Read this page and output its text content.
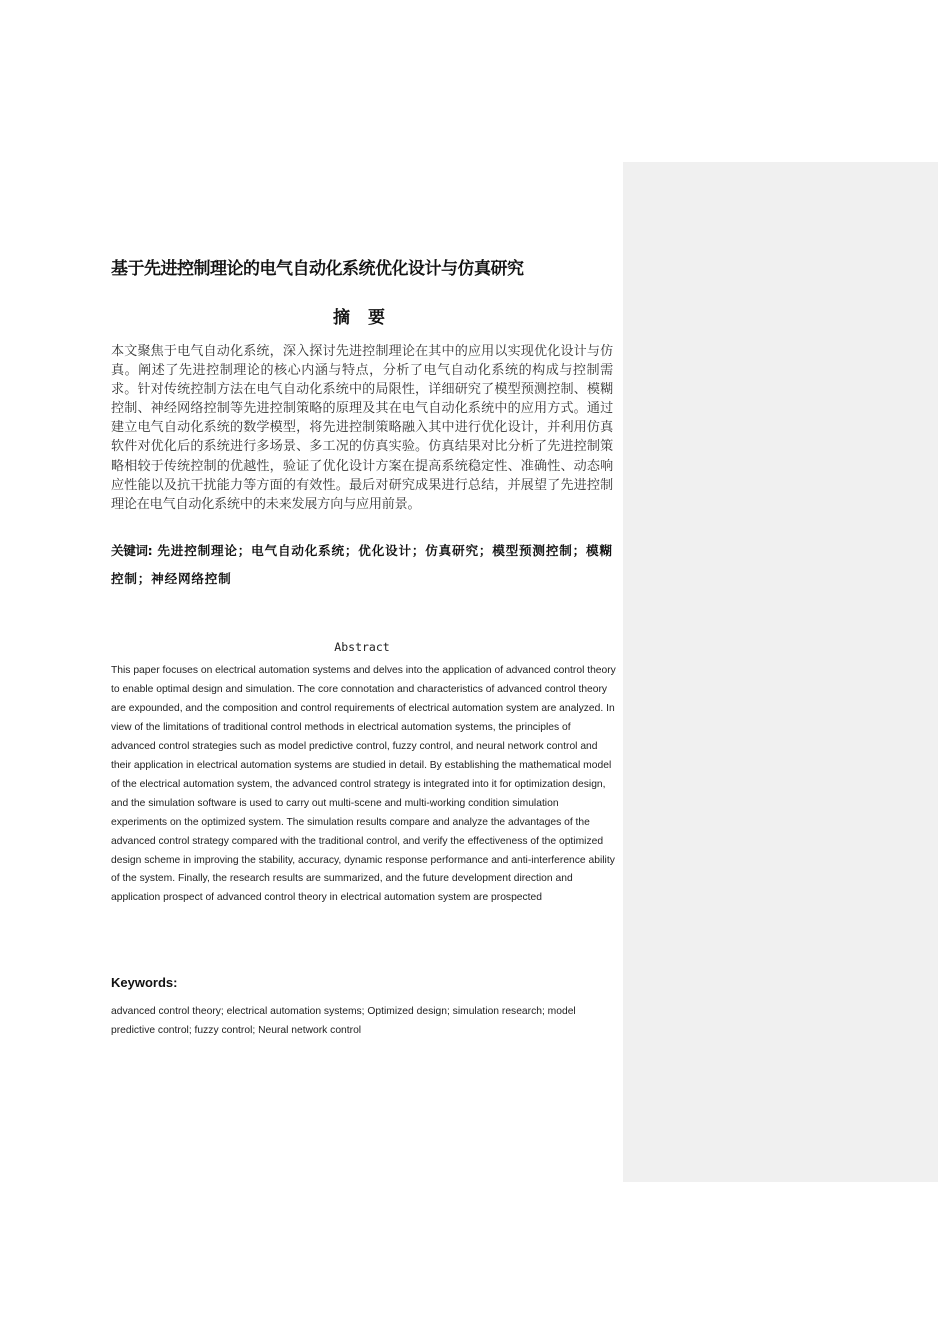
基于先进控制理论的电气自动化系统优化设计与仿真研究
摘 要
本文聚焦于电气自动化系统，深入探讨先进控制理论在其中的应用以实现优化设计与仿真。阐述了先进控制理论的核心内涵与特点，分析了电气自动化系统的构成与控制需求。针对传统控制方法在电气自动化系统中的局限性，详细研究了模型预测控制、模糊控制、神经网络控制等先进控制策略的原理及其在电气自动化系统中的应用方式。通过建立电气自动化系统的数学模型，将先进控制策略融入其中进行优化设计，并利用仿真软件对优化后的系统进行多场景、多工况的仿真实验。仿真结果对比分析了先进控制策略相较于传统控制的优越性，验证了优化设计方案在提高系统稳定性、准确性、动态响应性能以及抗干扰能力等方面的有效性。最后对研究成果进行总结，并展望了先进控制理论在电气自动化系统中的未来发展方向与应用前景。
关键词: 先进控制理论；电气自动化系统；优化设计；仿真研究；模型预测控制；模糊控制；神经网络控制
Abstract
This paper focuses on electrical automation systems and delves into the application of advanced control theory to enable optimal design and simulation. The core connotation and characteristics of advanced control theory are expounded, and the composition and control requirements of electrical automation system are analyzed. In view of the limitations of traditional control methods in electrical automation systems, the principles of advanced control strategies such as model predictive control, fuzzy control, and neural network control and their application in electrical automation systems are studied in detail. By establishing the mathematical model of the electrical automation system, the advanced control strategy is integrated into it for optimization design, and the simulation software is used to carry out multi-scene and multi-working condition simulation experiments on the optimized system. The simulation results compare and analyze the advantages of the advanced control strategy compared with the traditional control, and verify the effectiveness of the optimized design scheme in improving the stability, accuracy, dynamic response performance and anti-interference ability of the system. Finally, the research results are summarized, and the future development direction and application prospect of advanced control theory in electrical automation system are prospected
Keywords:
advanced control theory; electrical automation systems; Optimized design; simulation research; model predictive control; fuzzy control; Neural network control
